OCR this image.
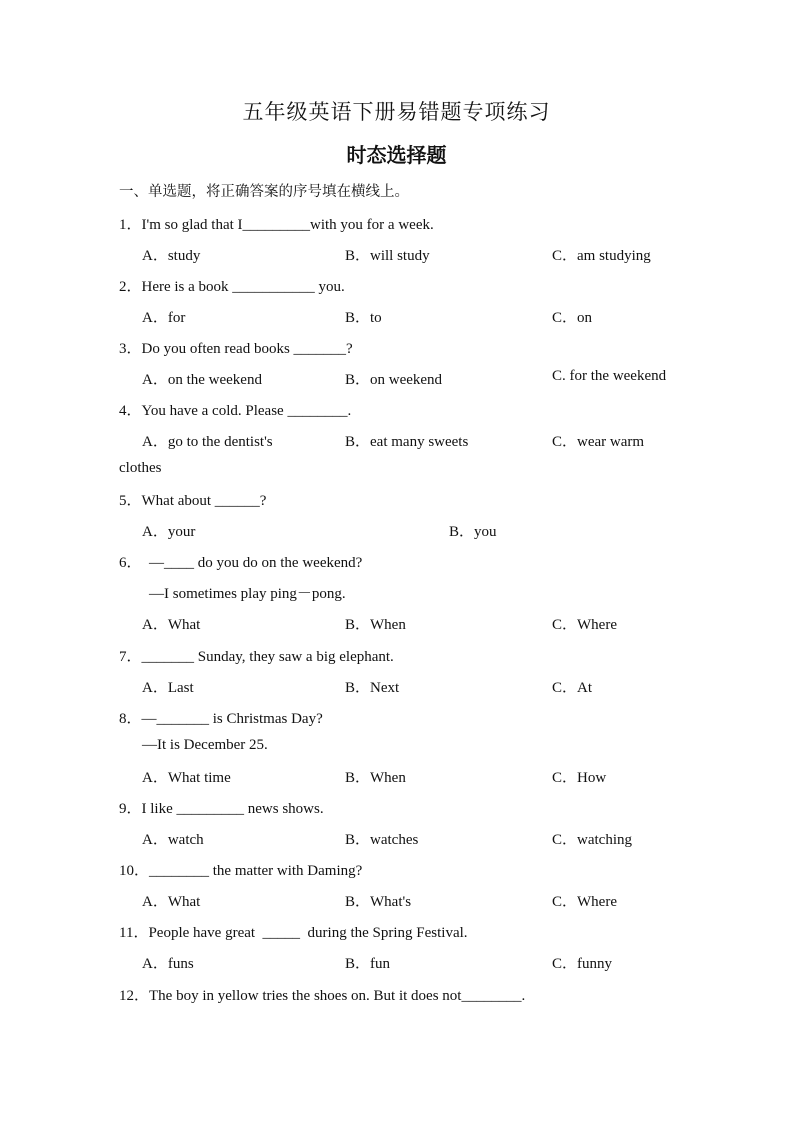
五年级英语下册易错题专项练习
时态选择题
一、单选题，将正确答案的序号填在横线上。
1．I'm so glad that I_________with you for a week.
A．study	B．will study	C．am studying
2．Here is a book ___________ you.
A．for	B．to	C．on
3．Do you often read books _______?
A．on the weekend	B．on weekend	C. for the weekend
4．You have a cold. Please ________.
A．go to the dentist's	B．eat many sweets	C．wear warm
clothes
5．What about ______?
A．your	B．you
6．  —____ do you do on the weekend?
—I sometimes play ping－pong.
A．What	B．When	C．Where
7．_______ Sunday, they saw a big elephant.
A．Last	B．Next	C．At
8．—_______ is Christmas Day?
—It is December 25.
A．What time	B．When	C．How
9．I like _________ news shows.
A．watch	B．watches	C．watching
10．________ the matter with Daming?
A．What	B．What's	C．Where
11．People have great  _____  during the Spring Festival.
A．funs	B．fun	C．funny
12．The boy in yellow tries the shoes on. But it does not________.
